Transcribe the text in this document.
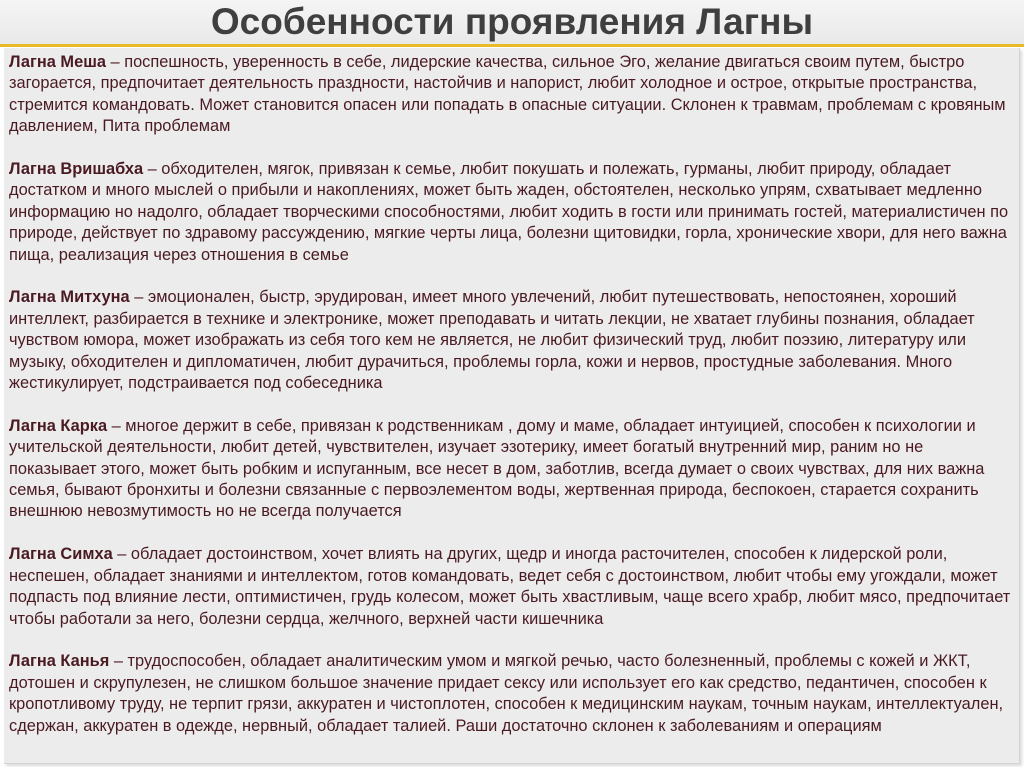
Особенности проявления Лагны

Лагна Меша – поспешность, уверенность в себе, лидерские качества, сильное Эго, желание двигаться своим путем, быстро загорается, предпочитает деятельность праздности, настойчив и напорист, любит холодное и острое, открытые пространства, стремится командовать. Может становится опасен или попадать в опасные ситуации. Склонен к травмам, проблемам с кровяным давлением, Пита проблемам

Лагна Вришабха – обходителен, мягок, привязан к семье, любит покушать и полежать, гурманы, любит природу, обладает достатком и много мыслей о прибыли и накоплениях, может быть жаден, обстоятелен, несколько упрям, схватывает медленно информацию но надолго, обладает творческими способностями, любит ходить в гости или принимать гостей, материалистичен по природе, действует по здравому рассуждению, мягкие черты лица, болезни щитовидки, горла, хронические хвори, для него важна пища, реализация через отношения в семье

Лагна Митхуна – эмоционален, быстр, эрудирован, имеет много увлечений, любит путешествовать, непостоянен, хороший интеллект, разбирается в технике и электронике, может преподавать и читать лекции, не хватает глубины познания, обладает чувством юмора, может изображать из себя того кем не является, не любит физический труд, любит поэзию, литературу или музыку, обходителен и дипломатичен, любит дурачиться, проблемы горла, кожи и нервов, простудные заболевания. Много жестикулирует, подстраивается под собеседника

Лагна Карка – многое держит в себе, привязан к родственникам , дому и маме, обладает интуицией, способен к психологии и учительской деятельности, любит детей, чувствителен, изучает эзотерику, имеет богатый внутренний мир, раним но не показывает этого, может быть робким и испуганным, все несет в дом, заботлив, всегда думает о своих чувствах, для них важна семья, бывают бронхиты и болезни связанные с первоэлементом воды, жертвенная природа, беспокоен, старается сохранить внешнюю невозмутимость но не всегда получается

Лагна Симха – обладает достоинством, хочет влиять на других, щедр и иногда расточителен, способен к лидерской роли, неспешен, обладает знаниями и интеллектом, готов командовать, ведет себя с достоинством, любит чтобы ему угождали, может подпасть под влияние лести, оптимистичен, грудь колесом, может быть хвастливым, чаще всего храбр, любит мясо, предпочитает чтобы работали за него, болезни сердца, желчного, верхней части кишечника

Лагна Канья – трудоспособен, обладает аналитическим умом и мягкой речью, часто болезненный, проблемы с кожей и ЖКТ, дотошен и скрупулезен, не слишком большое значение придает сексу или использует его как средство, педантичен, способен к кропотливому труду, не терпит грязи, аккуратен и чистоплотен, способен к медицинским наукам, точным наукам, интеллектуален, сдержан, аккуратен в одежде, нервный, обладает талией. Раши достаточно склонен к заболеваниям и операциям
